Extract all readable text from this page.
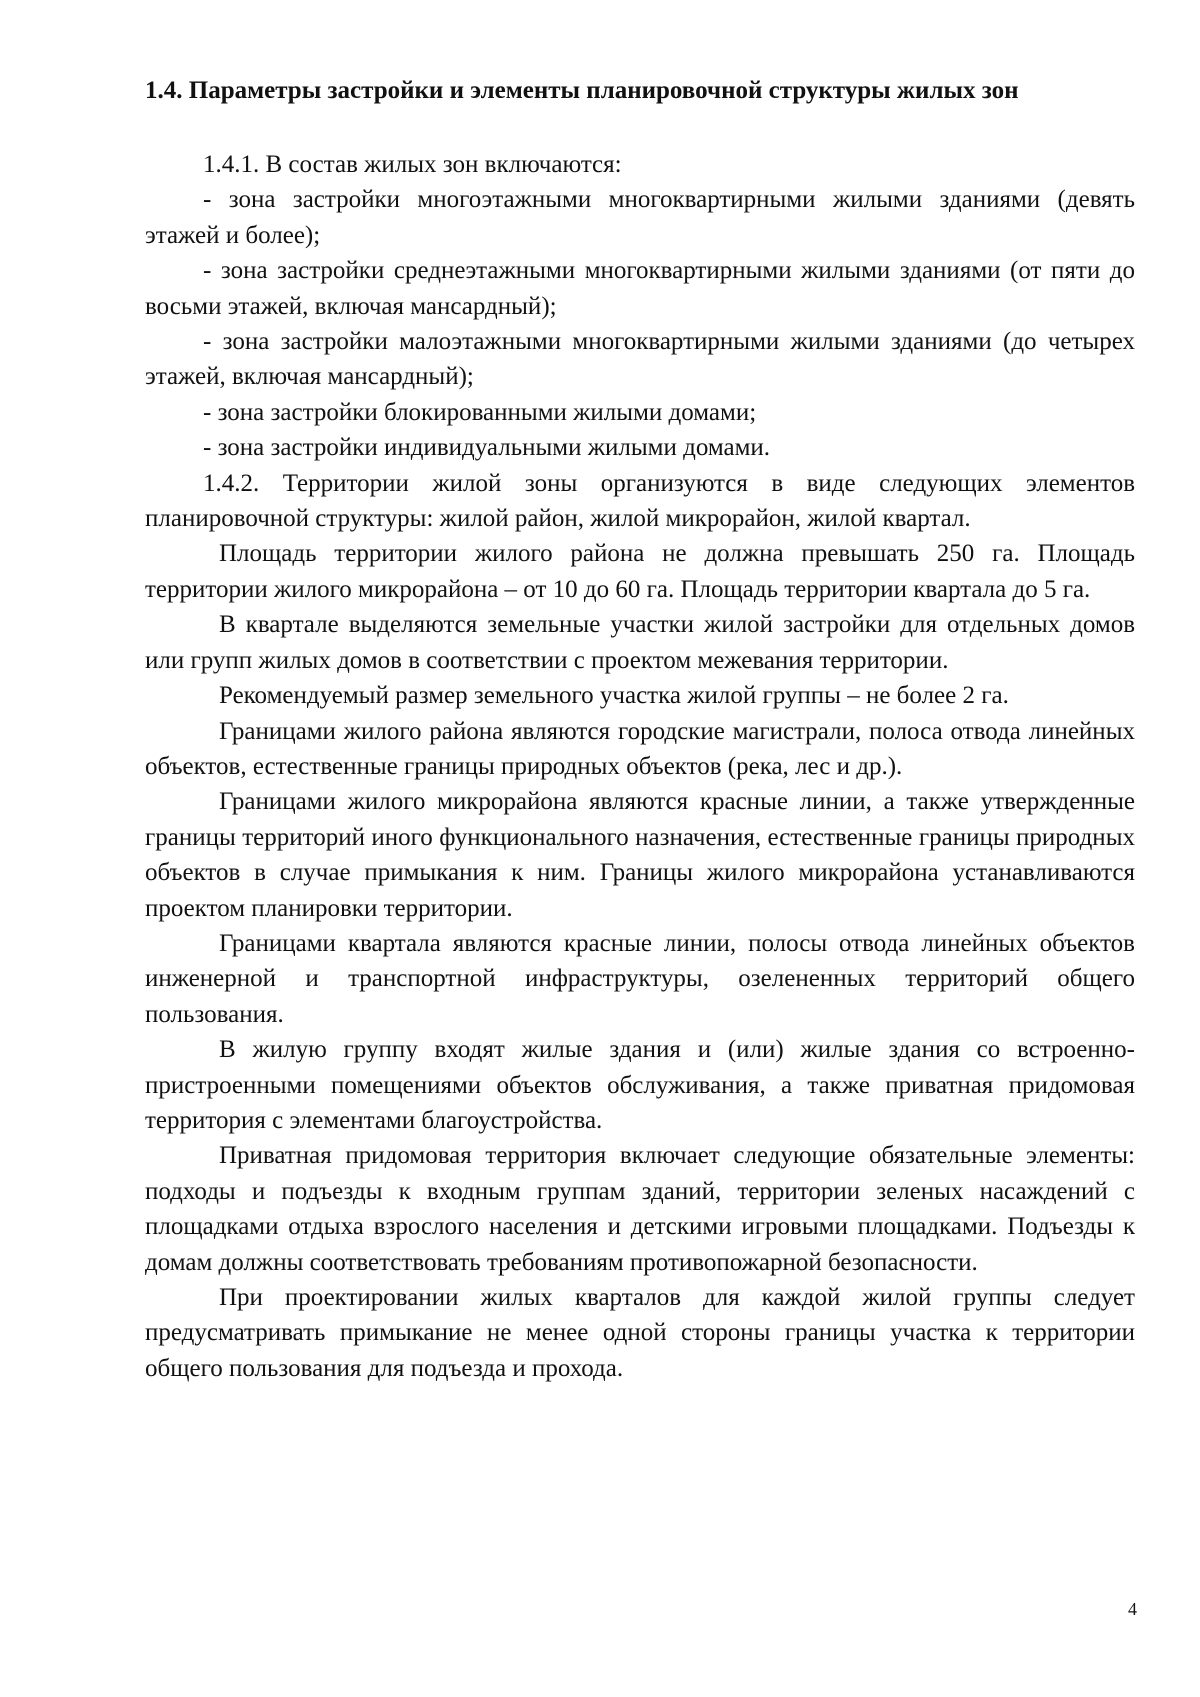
1.4. Параметры застройки и элементы планировочной структуры жилых зон

1.4.1. В состав жилых зон включаются:

- зона застройки многоэтажными многоквартирными жилыми зданиями (девять этажей и более);

- зона застройки среднеэтажными многоквартирными жилыми зданиями (от пяти до восьми этажей, включая мансардный);

- зона застройки малоэтажными многоквартирными жилыми зданиями (до четырех этажей, включая мансардный);

- зона застройки блокированными жилыми домами;

- зона застройки индивидуальными жилыми домами.

1.4.2. Территории жилой зоны организуются в виде следующих элементов планировочной структуры: жилой район, жилой микрорайон, жилой квартал.

Площадь территории жилого района не должна превышать 250 га. Площадь территории жилого микрорайона – от 10 до 60 га. Площадь территории квартала до 5 га.

В квартале выделяются земельные участки жилой застройки для отдельных домов или групп жилых домов в соответствии с проектом межевания территории.

Рекомендуемый размер земельного участка жилой группы – не более 2 га.

Границами жилого района являются городские магистрали, полоса отвода линейных объектов, естественные границы природных объектов (река, лес и др.).

Границами жилого микрорайона являются красные линии, а также утвержденные границы территорий иного функционального назначения, естественные границы природных объектов в случае примыкания к ним. Границы жилого микрорайона устанавливаются проектом планировки территории.

Границами квартала являются красные линии, полосы отвода линейных объектов инженерной и транспортной инфраструктуры, озелененных территорий общего пользования.

В жилую группу входят жилые здания и (или) жилые здания со встроенно-пристроенными помещениями объектов обслуживания, а также приватная придомовая территория с элементами благоустройства.

Приватная придомовая территория включает следующие обязательные элементы: подходы и подъезды к входным группам зданий, территории зеленых насаждений с площадками отдыха взрослого населения и детскими игровыми площадками. Подъезды к домам должны соответствовать требованиям противопожарной безопасности.

При проектировании жилых кварталов для каждой жилой группы следует предусматривать примыкание не менее одной стороны границы участка к территории общего пользования для подъезда и прохода.

4
